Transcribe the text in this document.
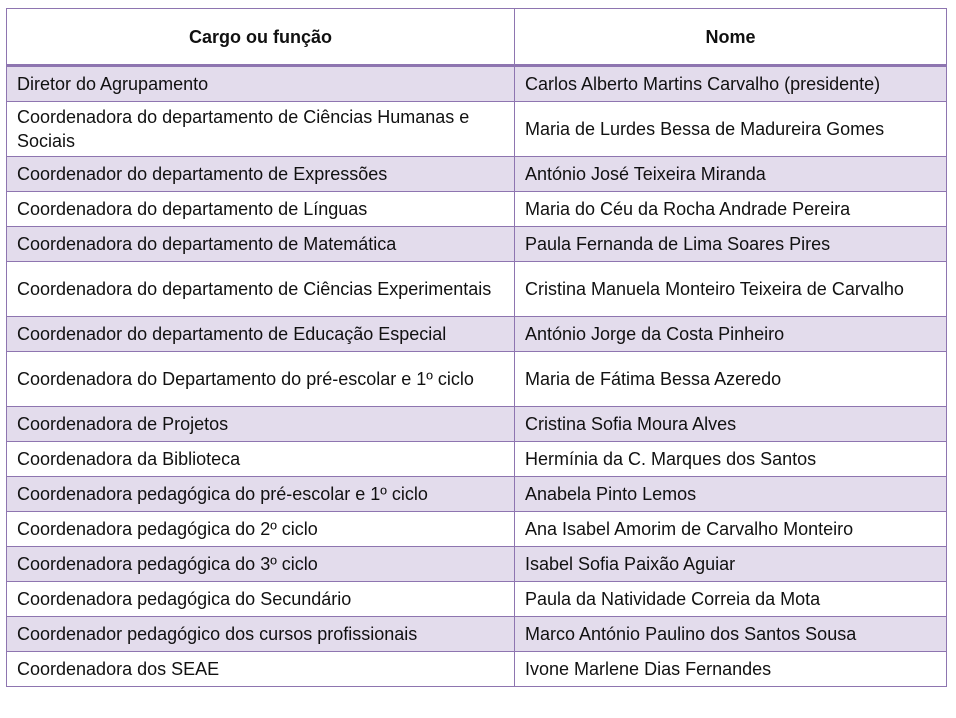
Cargo ou função	Nome
Diretor do Agrupamento	Carlos Alberto Martins Carvalho (presidente)
Coordenadora do departamento de Ciências Humanas e Sociais	Maria de Lurdes Bessa de Madureira Gomes
Coordenador do departamento de Expressões	António José Teixeira Miranda
Coordenadora do departamento de Línguas	Maria do Céu da Rocha Andrade Pereira
Coordenadora do departamento de Matemática	Paula Fernanda de Lima Soares Pires
Coordenadora do departamento de Ciências Experimentais	Cristina Manuela Monteiro Teixeira de Carvalho
Coordenador do departamento de Educação Especial	António Jorge da Costa Pinheiro
Coordenadora do Departamento do pré-escolar e 1º ciclo	Maria de Fátima Bessa Azeredo
Coordenadora de Projetos	Cristina Sofia Moura Alves
Coordenadora da Biblioteca	Hermínia da C. Marques dos Santos
Coordenadora pedagógica do pré-escolar e 1º ciclo	Anabela Pinto Lemos
Coordenadora pedagógica do 2º ciclo	Ana Isabel Amorim de Carvalho Monteiro
Coordenadora pedagógica do 3º ciclo	Isabel Sofia Paixão Aguiar
Coordenadora pedagógica do Secundário	Paula da Natividade Correia da Mota
Coordenador pedagógico dos cursos profissionais	Marco António Paulino dos Santos Sousa
Coordenadora dos SEAE	Ivone Marlene Dias Fernandes
